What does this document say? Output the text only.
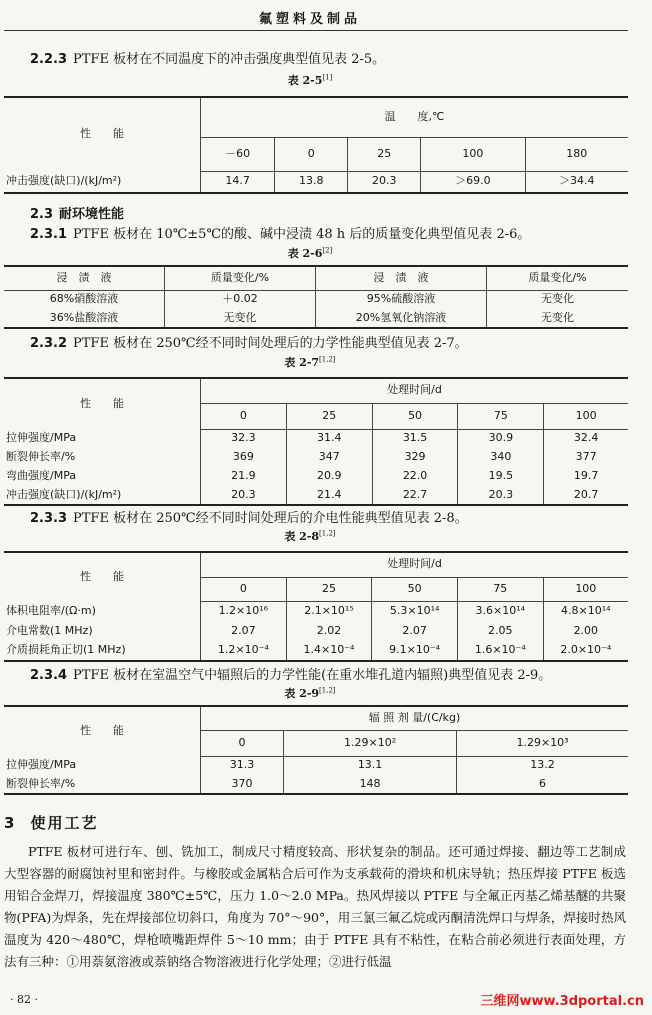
氟塑料及制品
2.2.3 PTFE 板材在不同温度下的冲击强度典型值见表 2-5。
表 2-5[1]
性　　能	温　　度,℃				
	－60	0	25	100	180
冲击强度(缺口)/(kJ/m²)	14.7	13.8	20.3	＞69.0	＞34.4
2.3 耐环境性能
2.3.1 PTFE 板材在 10℃±5℃的酸、碱中浸渍 48 h 后的质量变化典型值见表 2-6。
表 2-6[2]
浸　渍　液	质量变化/%	浸　渍　液	质量变化/%
68%硝酸溶液	＋0.02	95%硫酸溶液	无变化
36%盐酸溶液	无变化	20%氢氧化钠溶液	无变化
2.3.2 PTFE 板材在 250℃经不同时间处理后的力学性能典型值见表 2-7。
表 2-7[1,2]
性　　能	处理时间/d				
	0	25	50	75	100
拉伸强度/MPa	32.3	31.4	31.5	30.9	32.4
断裂伸长率/%	369	347	329	340	377
弯曲强度/MPa	21.9	20.9	22.0	19.5	19.7
冲击强度(缺口)/(kJ/m²)	20.3	21.4	22.7	20.3	20.7
2.3.3 PTFE 板材在 250℃经不同时间处理后的介电性能典型值见表 2-8。
表 2-8[1,2]
性　　能	处理时间/d				
	0	25	50	75	100
体积电阻率/(Ω·m)	1.2×10¹⁶	2.1×10¹⁵	5.3×10¹⁴	3.6×10¹⁴	4.8×10¹⁴
介电常数(1 MHz)	2.07	2.02	2.07	2.05	2.00
介质损耗角正切(1 MHz)	1.2×10⁻⁴	1.4×10⁻⁴	9.1×10⁻⁴	1.6×10⁻⁴	2.0×10⁻⁴
2.3.4 PTFE 板材在室温空气中辐照后的力学性能(在重水堆孔道内辐照)典型值见表 2-9。
表 2-9[1,2]
性　　能	辐 照 剂 量/(C/kg)		
	0	1.29×10²	1.29×10³
拉伸强度/MPa	31.3	13.1	13.2
断裂伸长率/%	370	148	6
3 使用工艺

PTFE 板材可进行车、刨、铣加工，制成尺寸精度较高、形状复杂的制品。还可通过焊接、翻边等工艺制成大型容器的耐腐蚀衬里和密封件。与橡胶或金属粘合后可作为支承载荷的滑块和机床导轨；热压焊接 PTFE 板选用铝合金焊刀，焊接温度 380℃±5℃，压力 1.0～2.0 MPa。热风焊接以 PTFE 与全氟正丙基乙烯基醚的共聚物(PFA)为焊条，先在焊接部位切斜口，角度为 70°～90°，用三氯三氟乙烷或丙酮清洗焊口与焊条，焊接时热风温度为 420～480℃，焊枪喷嘴距焊件 5～10 mm；由于 PTFE 具有不粘性，在粘合前必须进行表面处理，方法有三种：①用萘氨溶液或萘钠络合物溶液进行化学处理；②进行低温

· 82 ·	三维网www.3dportal.cn
